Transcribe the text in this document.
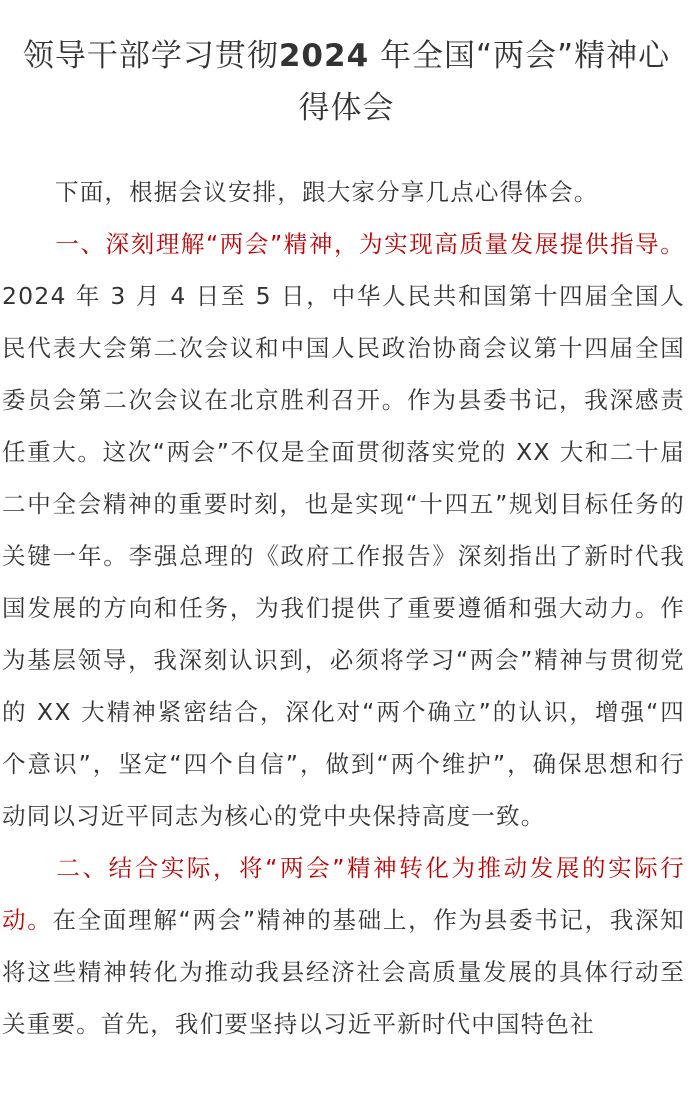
领导干部学习贯彻2024 年全国“两会”精神心得体会

下面，根据会议安排，跟大家分享几点心得体会。

一、深刻理解“两会”精神，为实现高质量发展提供指导。2024 年 3 月 4 日至 5 日，中华人民共和国第十四届全国人民代表大会第二次会议和中国人民政治协商会议第十四届全国委员会第二次会议在北京胜利召开。作为县委书记，我深感责任重大。这次“两会”不仅是全面贯彻落实党的 XX 大和二十届二中全会精神的重要时刻，也是实现“十四五”规划目标任务的关键一年。李强总理的《政府工作报告》深刻指出了新时代我国发展的方向和任务，为我们提供了重要遵循和强大动力。作为基层领导，我深刻认识到，必须将学习“两会”精神与贯彻党的 XX 大精神紧密结合，深化对“两个确立”的认识，增强“四个意识”，坚定“四个自信”，做到“两个维护”，确保思想和行动同以习近平同志为核心的党中央保持高度一致。

二、结合实际，将“两会”精神转化为推动发展的实际行动。在全面理解“两会”精神的基础上，作为县委书记，我深知将这些精神转化为推动我县经济社会高质量发展的具体行动至关重要。首先，我们要坚持以习近平新时代中国特色社
